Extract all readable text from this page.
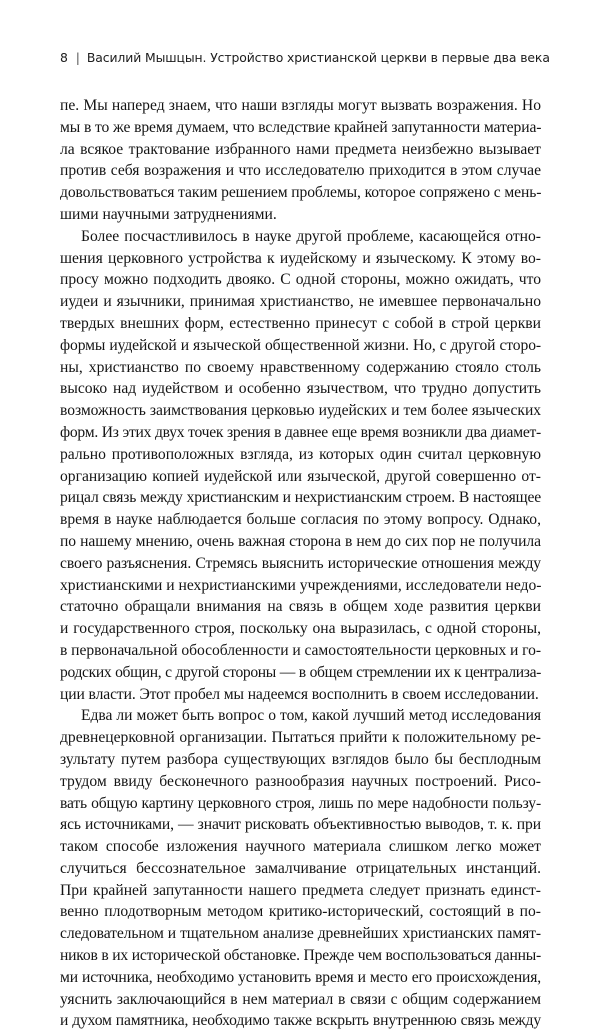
8 | Василий Мышцын. Устройство христианской церкви в первые два века
пе. Мы наперед знаем, что наши взгляды могут вызвать возражения. Но
мы в то же время думаем, что вследствие крайней запутанности материа-
ла всякое трактование избранного нами предмета неизбежно вызывает
против себя возражения и что исследователю приходится в этом случае
довольствоваться таким решением проблемы, которое сопряжено с мень-
шими научными затруднениями.
Более посчастливилось в науке другой проблеме, касающейся отно-
шения церковного устройства к иудейскому и языческому. К этому во-
просу можно подходить двояко. С одной стороны, можно ожидать, что
иудеи и язычники, принимая христианство, не имевшее первоначально
твердых внешних форм, естественно принесут с собой в строй церкви
формы иудейской и языческой общественной жизни. Но, с другой сторо-
ны, христианство по своему нравственному содержанию стояло столь
высоко над иудейством и особенно язычеством, что трудно допустить
возможность заимствования церковью иудейских и тем более языческих
форм. Из этих двух точек зрения в давнее еще время возникли два диамет-
рально противоположных взгляда, из которых один считал церковную
организацию копией иудейской или языческой, другой совершенно от-
рицал связь между христианским и нехристианским строем. В настоящее
время в науке наблюдается больше согласия по этому вопросу. Однако,
по нашему мнению, очень важная сторона в нем до сих пор не получила
своего разъяснения. Стремясь выяснить исторические отношения между
христианскими и нехристианскими учреждениями, исследователи недо-
статочно обращали внимания на связь в общем ходе развития церкви
и государственного строя, поскольку она выразилась, с одной стороны,
в первоначальной обособленности и самостоятельности церковных и го-
родских общин, с другой стороны — в общем стремлении их к централиза-
ции власти. Этот пробел мы надеемся восполнить в своем исследовании.
Едва ли может быть вопрос о том, какой лучший метод исследования
древнецерковной организации. Пытаться прийти к положительному ре-
зультату путем разбора существующих взглядов было бы бесплодным
трудом ввиду бесконечного разнообразия научных построений. Рисо-
вать общую картину церковного строя, лишь по мере надобности пользу-
ясь источниками, — значит рисковать объективностью выводов, т. к. при
таком способе изложения научного материала слишком легко может
случиться бессознательное замалчивание отрицательных инстанций.
При крайней запутанности нашего предмета следует признать единст-
венно плодотворным методом критико-исторический, состоящий в по-
следовательном и тщательном анализе древнейших христианских памят-
ников в их исторической обстановке. Прежде чем воспользоваться данны-
ми источника, необходимо установить время и место его происхождения,
уяснить заключающийся в нем материал в связи с общим содержанием
и духом памятника, необходимо также вскрыть внутреннюю связь между
